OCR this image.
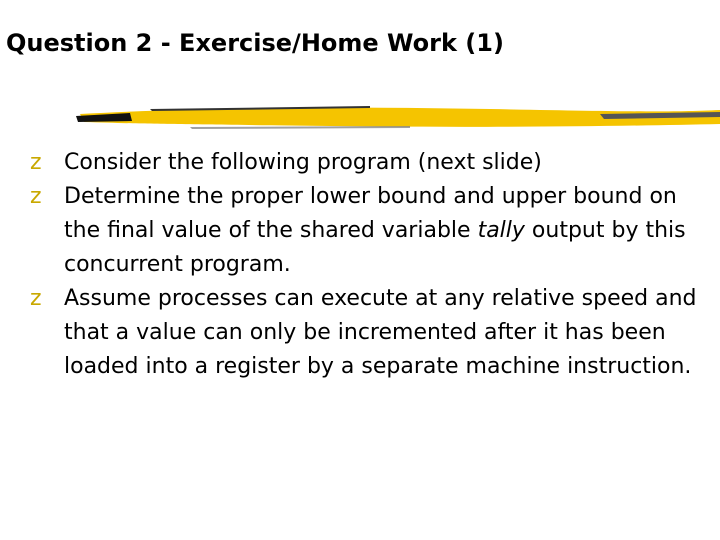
Question 2 - Exercise/Home Work (1)
z Consider the following program (next slide)
z Determine the proper lower bound and upper bound on the final value of the shared variable tally output by this concurrent program.
z Assume processes can execute at any relative speed and that a value can only be incremented after it has been loaded into a register by a separate machine instruction.
